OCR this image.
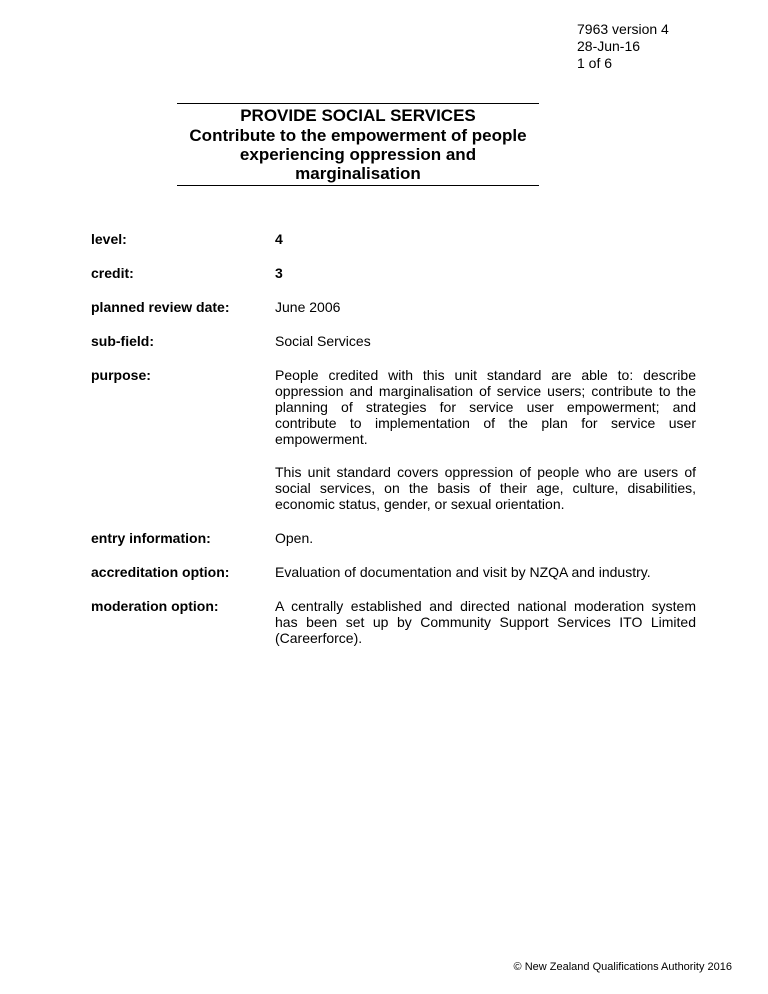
7963 version 4
28-Jun-16
1 of 6
PROVIDE SOCIAL SERVICES
Contribute to the empowerment of people experiencing oppression and marginalisation
level:	4
credit:	3
planned review date:	June 2006
sub-field:	Social Services
purpose:	People credited with this unit standard are able to: describe oppression and marginalisation of service users; contribute to the planning of strategies for service user empowerment; and contribute to implementation of the plan for service user empowerment.

This unit standard covers oppression of people who are users of social services, on the basis of their age, culture, disabilities, economic status, gender, or sexual orientation.

entry information:	Open.
accreditation option:	Evaluation of documentation and visit by NZQA and industry.
moderation option:	A centrally established and directed national moderation system has been set up by Community Support Services ITO Limited (Careerforce).
© New Zealand Qualifications Authority 2016
